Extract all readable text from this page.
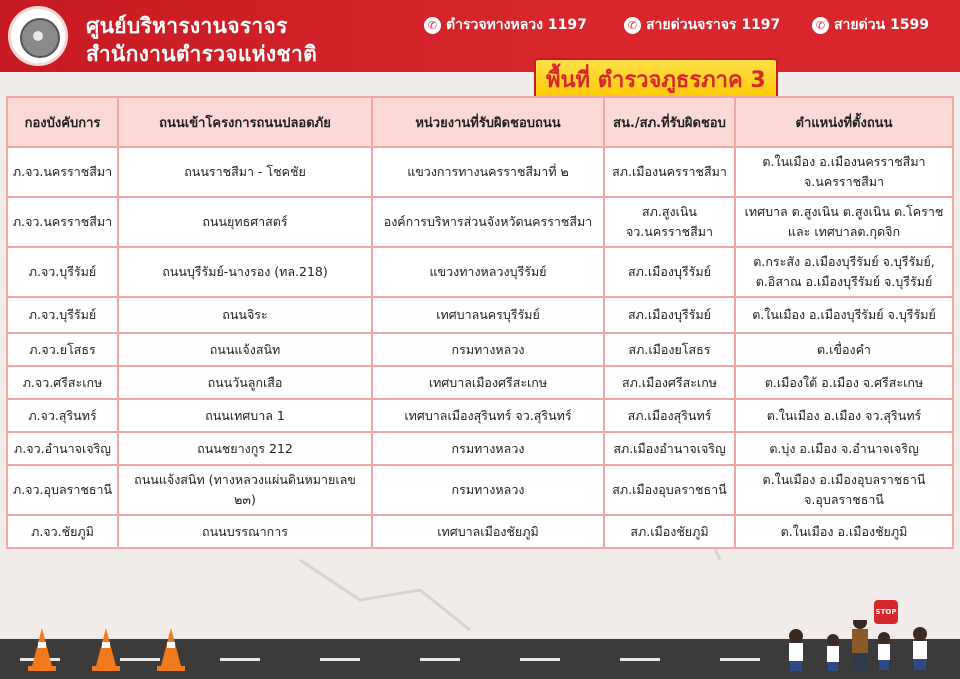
ศูนย์บริหารงานจราจร
สำนักงานตำรวจแห่งชาติ
✆ ตำรวจทางหลวง 1197	✆ สายด่วนจราจร 1197	✆ สายด่วน 1599
พื้นที่ ตำรวจภูธรภาค 3
กองบังคับการ	ถนนเข้าโครงการถนนปลอดภัย	หน่วยงานที่รับผิดชอบถนน	สน./สภ.ที่รับผิดชอบ	ตำแหน่งที่ตั้งถนน
ภ.จว.นครราชสีมา	ถนนราชสีมา - โชคชัย	แขวงการทางนครราชสีมาที่ ๒	สภ.เมืองนครราชสีมา	ต.ในเมือง อ.เมืองนครราชสีมา จ.นครราชสีมา
ภ.จว.นครราชสีมา	ถนนยุทธศาสตร์	องค์การบริหารส่วนจังหวัดนครราชสีมา	สภ.สูงเนิน จว.นครราชสีมา	เทศบาล ต.สูงเนิน ต.สูงเนิน ต.โคราช และ เทศบาลต.กุดจิก
ภ.จว.บุรีรัมย์	ถนนบุรีรัมย์-นางรอง (ทล.218)	แขวงทางหลวงบุรีรัมย์	สภ.เมืองบุรีรัมย์	ต.กระสัง อ.เมืองบุรีรัมย์ จ.บุรีรัมย์, ต.อิสาณ อ.เมืองบุรีรัมย์ จ.บุรีรัมย์
ภ.จว.บุรีรัมย์	ถนนจิระ	เทศบาลนครบุรีรัมย์	สภ.เมืองบุรีรัมย์	ต.ในเมือง อ.เมืองบุรีรัมย์ จ.บุรีรัมย์
ภ.จว.ยโสธร	ถนนแจ้งสนิท	กรมทางหลวง	สภ.เมืองยโสธร	ต.เขื่องคำ
ภ.จว.ศรีสะเกษ	ถนนวันลูกเสือ	เทศบาลเมืองศรีสะเกษ	สภ.เมืองศรีสะเกษ	ต.เมืองใต้ อ.เมือง จ.ศรีสะเกษ
ภ.จว.สุรินทร์	ถนนเทศบาล 1	เทศบาลเมืองสุรินทร์ จว.สุรินทร์	สภ.เมืองสุรินทร์	ต.ในเมือง อ.เมือง จว.สุรินทร์
ภ.จว.อำนาจเจริญ	ถนนชยางกูร 212	กรมทางหลวง	สภ.เมืองอำนาจเจริญ	ต.บุ่ง อ.เมือง จ.อำนาจเจริญ
ภ.จว.อุบลราชธานี	ถนนแจ้งสนิท (ทางหลวงแผ่นดินหมายเลข ๒๓)	กรมทางหลวง	สภ.เมืองอุบลราชธานี	ต.ในเมือง อ.เมืองอุบลราชธานี จ.อุบลราชธานี
ภ.จว.ชัยภูมิ	ถนนบรรณาการ	เทศบาลเมืองชัยภูมิ	สภ.เมืองชัยภูมิ	ต.ในเมือง อ.เมืองชัยภูมิ
STOP
